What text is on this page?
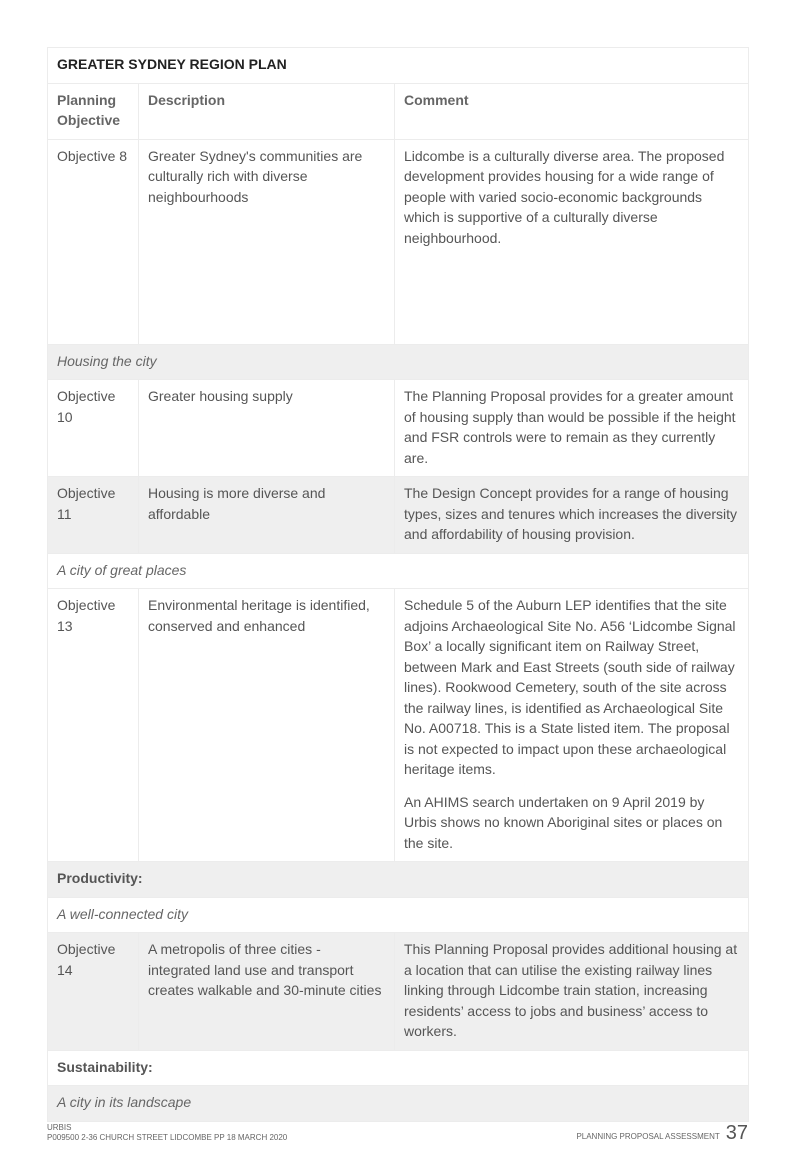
GREATER SYDNEY REGION PLAN		
Planning Objective	Description	Comment
Objective 8	Greater Sydney's communities are culturally rich with diverse neighbourhoods	Lidcombe is a culturally diverse area. The proposed development provides housing for a wide range of people with varied socio-economic backgrounds which is supportive of a culturally diverse neighbourhood.
Housing the city		
Objective 10	Greater housing supply	The Planning Proposal provides for a greater amount of housing supply than would be possible if the height and FSR controls were to remain as they currently are.
Objective 11	Housing is more diverse and affordable	The Design Concept provides for a range of housing types, sizes and tenures which increases the diversity and affordability of housing provision.
A city of great places		
Objective 13	Environmental heritage is identified, conserved and enhanced	Schedule 5 of the Auburn LEP identifies that the site adjoins Archaeological Site No. A56 ‘Lidcombe Signal Box’ a locally significant item on Railway Street, between Mark and East Streets (south side of railway lines). Rookwood Cemetery, south of the site across the railway lines, is identified as Archaeological Site No. A00718. This is a State listed item. The proposal is not expected to impact upon these archaeological heritage items.

An AHIMS search undertaken on 9 April 2019 by Urbis shows no known Aboriginal sites or places on the site.

Productivity:		
A well-connected city		
Objective 14	A metropolis of three cities - integrated land use and transport creates walkable and 30-minute cities	This Planning Proposal provides additional housing at a location that can utilise the existing railway lines linking through Lidcombe train station, increasing residents’ access to jobs and business’ access to workers.
Sustainability:		
A city in its landscape		
URBIS
P009500 2-36 CHURCH STREET LIDCOMBE PP 18 MARCH 2020	PLANNING PROPOSAL ASSESSMENT 37
